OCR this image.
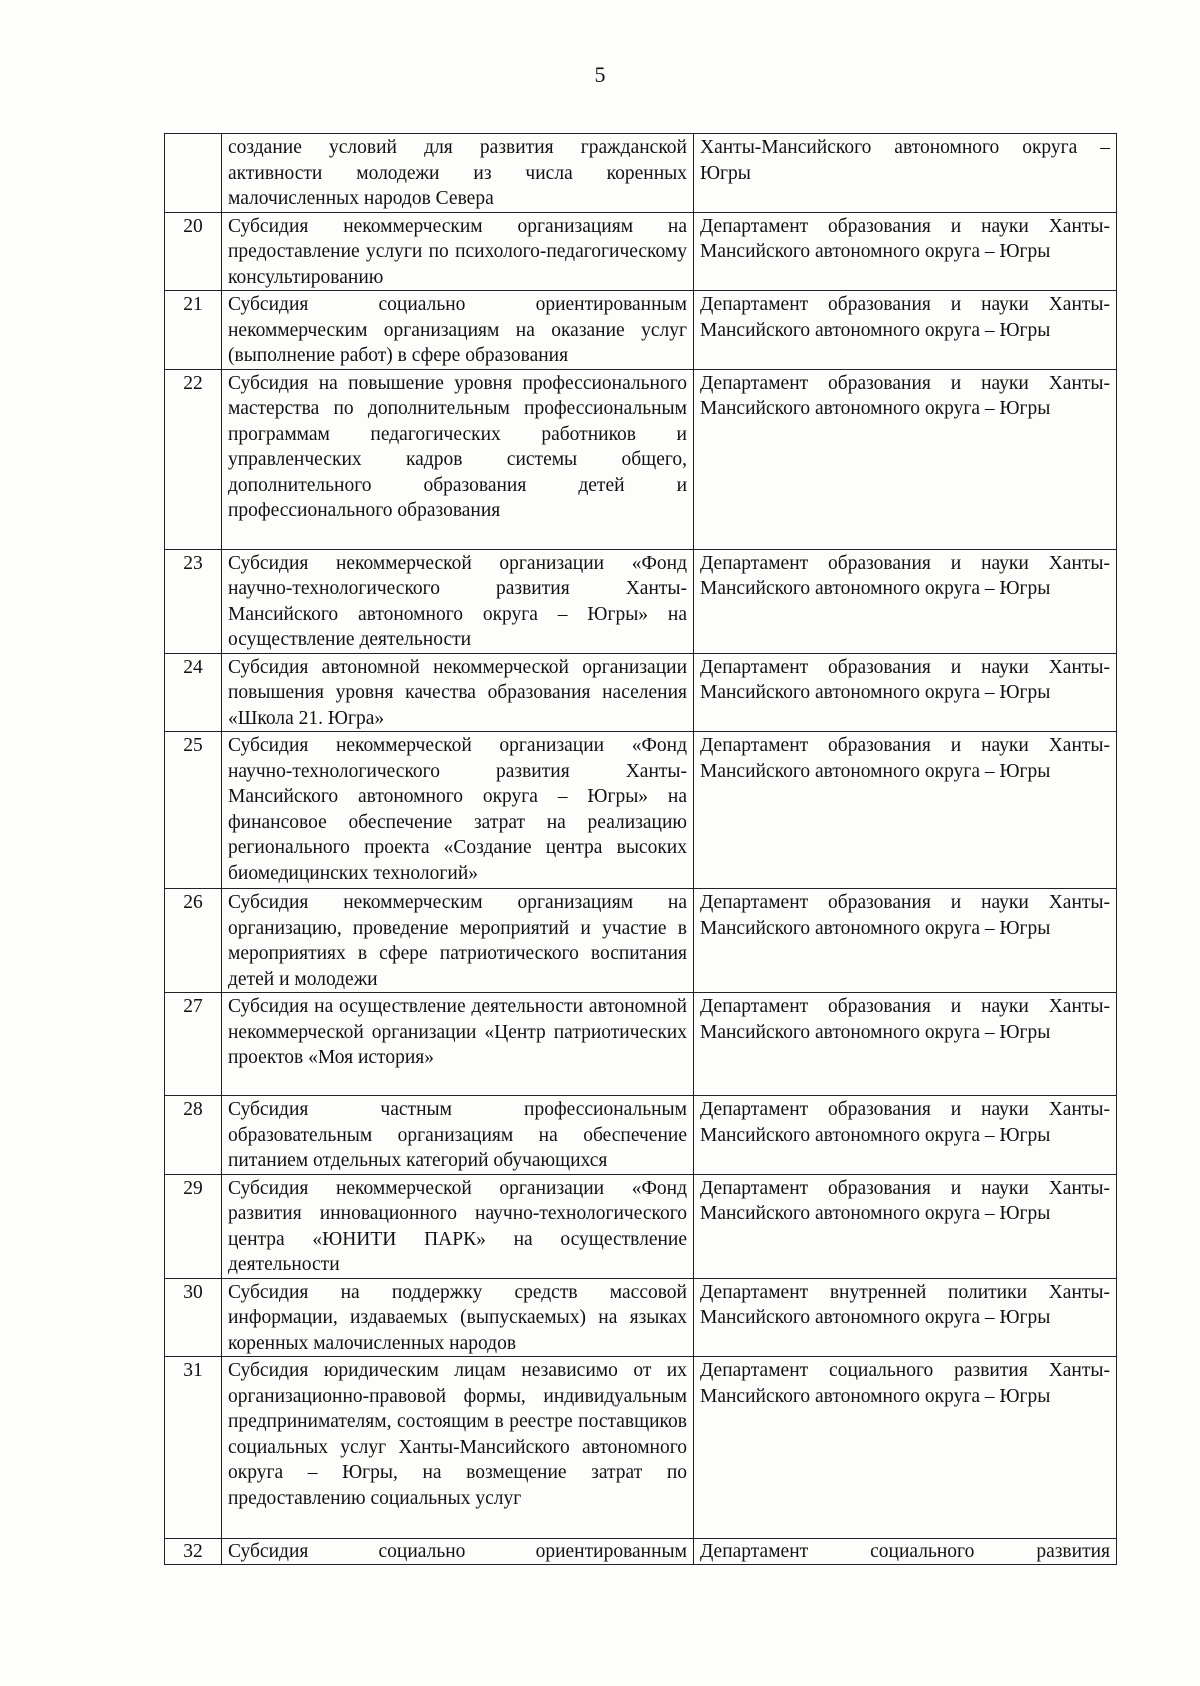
5
	создание условий для развития гражданской активности молодежи из числа коренных малочисленных народов Севера	Ханты-Мансийского автономного округа – Югры
20	Субсидия некоммерческим организациям на предоставление услуги по психолого-педагогическому консультированию	Департамент образования и науки Ханты-Мансийского автономного округа – Югры
21	Субсидия социально ориентированным некоммерческим организациям на оказание услуг (выполнение работ) в сфере образования	Департамент образования и науки Ханты-Мансийского автономного округа – Югры
22	Субсидия на повышение уровня профессионального мастерства по дополнительным профессиональным программам педагогических работников и управленческих кадров системы общего, дополнительного образования детей и профессионального образования	Департамент образования и науки Ханты-Мансийского автономного округа – Югры
23	Субсидия некоммерческой организации «Фонд научно-технологического развития Ханты-Мансийского автономного округа – Югры» на осуществление деятельности	Департамент образования и науки Ханты-Мансийского автономного округа – Югры
24	Субсидия автономной некоммерческой организации повышения уровня качества образования населения «Школа 21. Югра»	Департамент образования и науки Ханты-Мансийского автономного округа – Югры
25	Субсидия некоммерческой организации «Фонд научно-технологического развития Ханты-Мансийского автономного округа – Югры» на финансовое обеспечение затрат на реализацию регионального проекта «Создание центра высоких биомедицинских технологий»	Департамент образования и науки Ханты-Мансийского автономного округа – Югры
26	Субсидия некоммерческим организациям на организацию, проведение мероприятий и участие в мероприятиях в сфере патриотического воспитания детей и молодежи	Департамент образования и науки Ханты-Мансийского автономного округа – Югры
27	Субсидия на осуществление деятельности автономной некоммерческой организации «Центр патриотических проектов «Моя история»	Департамент образования и науки Ханты-Мансийского автономного округа – Югры
28	Субсидия частным профессиональным образовательным организациям на обеспечение питанием отдельных категорий обучающихся	Департамент образования и науки Ханты-Мансийского автономного округа – Югры
29	Субсидия некоммерческой организации «Фонд развития инновационного научно-технологического центра «ЮНИТИ ПАРК» на осуществление деятельности	Департамент образования и науки Ханты-Мансийского автономного округа – Югры
30	Субсидия на поддержку средств массовой информации, издаваемых (выпускаемых) на языках коренных малочисленных народов	Департамент внутренней политики Ханты-Мансийского автономного округа – Югры
31	Субсидия юридическим лицам независимо от их организационно-правовой формы, индивидуальным предпринимателям, состоящим в реестре поставщиков социальных услуг Ханты-Мансийского автономного округа – Югры, на возмещение затрат по предоставлению социальных услуг	Департамент социального развития Ханты-Мансийского автономного округа – Югры
32	Субсидия социально ориентированным	Департамент социального развития
